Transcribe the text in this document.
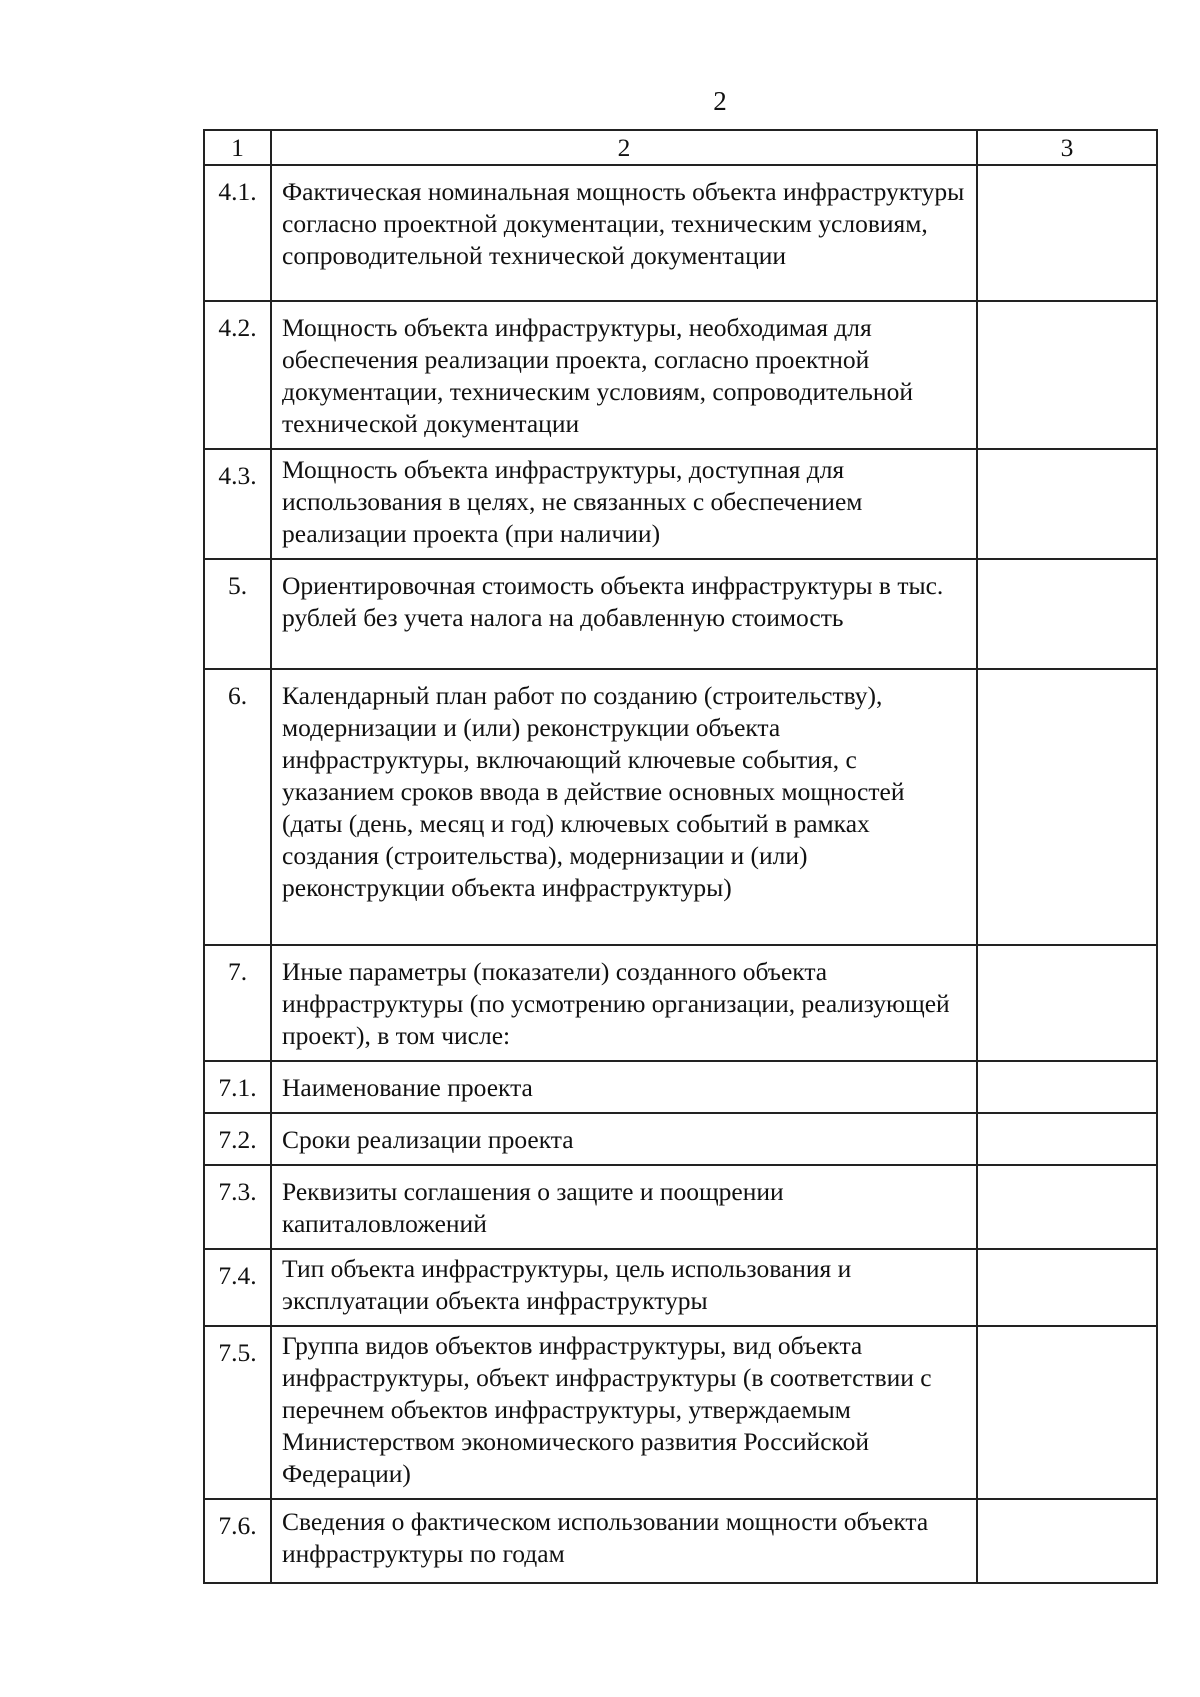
2
1	2	3
4.1.	Фактическая номинальная мощность объекта инфраструктуры согласно проектной документации, техническим условиям, сопроводительной технической документации	
4.2.	Мощность объекта инфраструктуры, необходимая для обеспечения реализации проекта, согласно проектной документации, техническим условиям, сопроводительной технической документации	
4.3.	Мощность объекта инфраструктуры, доступная для использования в целях, не связанных с обеспечением реализации проекта (при наличии)	
5.	Ориентировочная стоимость объекта инфраструктуры в тыс. рублей без учета налога на добавленную стоимость	
6.	Календарный план работ по созданию (строительству), модернизации и (или) реконструкции объекта инфраструктуры, включающий ключевые события, с указанием сроков ввода в действие основных мощностей (даты (день, месяц и год) ключевых событий в рамках создания (строительства), модернизации и (или) реконструкции объекта инфраструктуры)	
7.	Иные параметры (показатели) созданного объекта инфраструктуры (по усмотрению организации, реализующей проект), в том числе:	
7.1.	Наименование проекта	
7.2.	Сроки реализации проекта	
7.3.	Реквизиты соглашения о защите и поощрении капиталовложений	
7.4.	Тип объекта инфраструктуры, цель использования и эксплуатации объекта инфраструктуры	
7.5.	Группа видов объектов инфраструктуры, вид объекта инфраструктуры, объект инфраструктуры (в соответствии с перечнем объектов инфраструктуры, утверждаемым Министерством экономического развития Российской Федерации)	
7.6.	Сведения о фактическом использовании мощности объекта инфраструктуры по годам	
